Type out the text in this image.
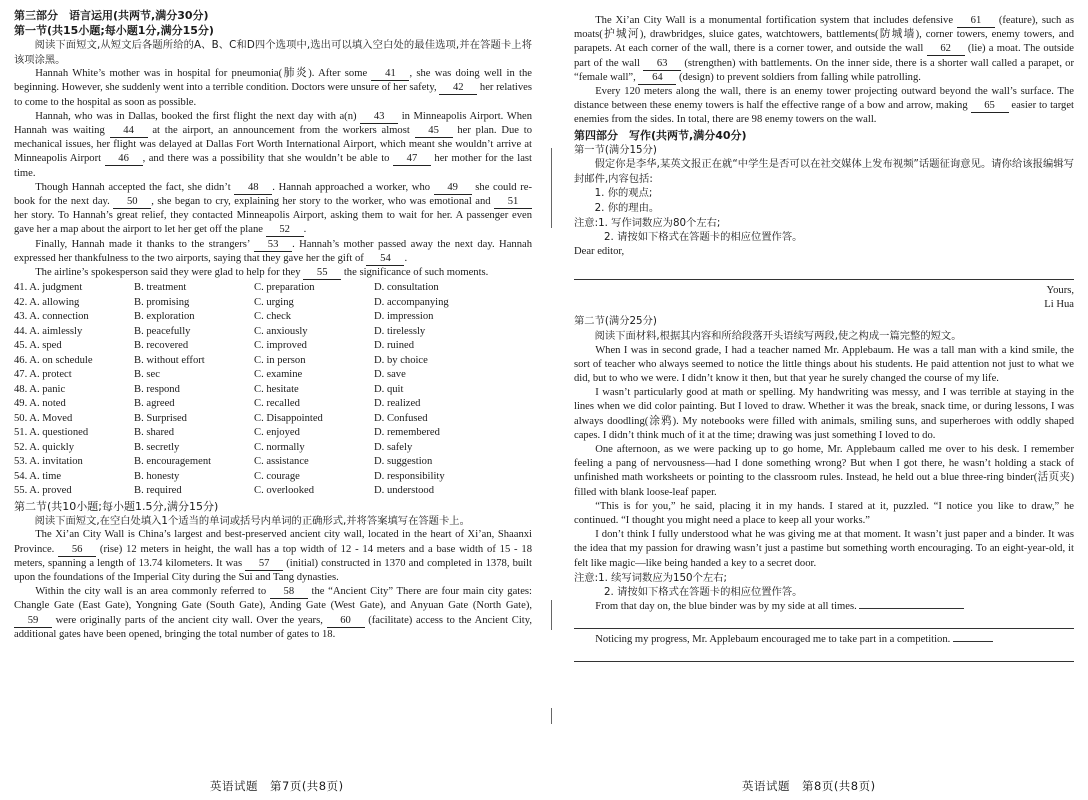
第三部分　语言运用(共两节,满分30分)
第一节(共15小题;每小题1分,满分15分)

阅读下面短文,从短文后各题所给的A、B、C和D四个选项中,选出可以填入空白处的最佳选项,并在答题卡上将该项涂黑。

Hannah White’s mother was in hospital for pneumonia(肺炎). After some 41 , she was doing well in the beginning. However, she suddenly went into a terrible condition. Doctors were unsure of her safety, 42 her relatives to come to the hospital as soon as possible.

Hannah, who was in Dallas, booked the first flight the next day with a(n) 43 in Minneapolis Airport. When Hannah was waiting 44 at the airport, an announcement from the workers almost 45 her plan. Due to mechanical issues, her flight was delayed at Dallas Fort Worth International Airport, which meant she wouldn’t arrive at Minneapolis Airport 46 , and there was a possibility that she wouldn’t be able to 47 her mother for the last time.

Though Hannah accepted the fact, she didn’t 48 . Hannah approached a worker, who 49 she could re-book for the next day. 50 , she began to cry, explaining her story to the worker, who was emotional and 51 her story. To Hannah’s great relief, they contacted Minneapolis Airport, asking them to wait for her. A passenger even gave her a map about the airport to let her get off the plane 52 .

Finally, Hannah made it thanks to the strangers’ 53 . Hannah’s mother passed away the next day. Hannah expressed her thankfulness to the two airports, saying that they gave her the gift of 54 .

The airline’s spokesperson said they were glad to help for they 55 the significance of such moments.

41. A. judgment	B. treatment	C. preparation	D. consultation
42. A. allowing	B. promising	C. urging	D. accompanying
43. A. connection	B. exploration	C. check	D. impression
44. A. aimlessly	B. peacefully	C. anxiously	D. tirelessly
45. A. sped	B. recovered	C. improved	D. ruined
46. A. on schedule	B. without effort	C. in person	D. by choice
47. A. protect	B. sec	C. examine	D. save
48. A. panic	B. respond	C. hesitate	D. quit
49. A. noted	B. agreed	C. recalled	D. realized
50. A. Moved	B. Surprised	C. Disappointed	D. Confused
51. A. questioned	B. shared	C. enjoyed	D. remembered
52. A. quickly	B. secretly	C. normally	D. safely
53. A. invitation	B. encouragement	C. assistance	D. suggestion
54. A. time	B. honesty	C. courage	D. responsibility
55. A. proved	B. required	C. overlooked	D. understood
第二节(共10小题;每小题1.5分,满分15分)

阅读下面短文,在空白处填入1个适当的单词或括号内单词的正确形式,并将答案填写在答题卡上。

The Xi’an City Wall is China’s largest and best-preserved ancient city wall, located in the heart of Xi’an, Shaanxi Province. 56 (rise) 12 meters in height, the wall has a top width of 12 - 14 meters and a base width of 15 - 18 meters, spanning a length of 13.74 kilometers. It was 57 (initial) constructed in 1370 and completed in 1378, built upon the foundations of the Imperial City during the Sui and Tang dynasties.

Within the city wall is an area commonly referred to 58 the “Ancient City” There are four main city gates: Changle Gate (East Gate), Yongning Gate (South Gate), Anding Gate (West Gate), and Anyuan Gate (North Gate), 59 were originally parts of the ancient city wall. Over the years, 60 (facilitate) access to the Ancient City, additional gates have been opened, bringing the total number of gates to 18.

英语试题　第7页(共8页)

The Xi’an City Wall is a monumental fortification system that includes defensive 61 (feature), such as moats(护城河), drawbridges, sluice gates, watchtowers, battlements(防城墙), corner towers, enemy towers, and parapets. At each corner of the wall, there is a corner tower, and outside the wall 62 (lie) a moat. The outside part of the wall 63 (strengthen) with battlements. On the inner side, there is a shorter wall called a parapet, or “female wall”, 64 (design) to prevent soldiers from falling while patrolling.

Every 120 meters along the wall, there is an enemy tower projecting outward beyond the wall’s surface. The distance between these enemy towers is half the effective range of a bow and arrow, making 65 easier to target enemies from the sides. In total, there are 98 enemy towers on the wall.

第四部分　写作(共两节,满分40分)
第一节(满分15分)

假定你是李华,某英文报正在就“中学生是否可以在社交媒体上发布视频”话题征询意见。请你给该报编辑写封邮件,内容包括:

1. 你的观点;

2. 你的理由。

注意:1. 写作词数应为80个左右;

2. 请按如下格式在答题卡的相应位置作答。

Dear editor,

Yours,

Li Hua

第二节(满分25分)

阅读下面材料,根据其内容和所给段落开头语续写两段,使之构成一篇完整的短文。

When I was in second grade, I had a teacher named Mr. Applebaum. He was a tall man with a kind smile, the sort of teacher who always seemed to notice the little things about his students. He paid attention not just to what we did, but to who we were. I didn’t know it then, but that year he surely changed the course of my life.

I wasn’t particularly good at math or spelling. My handwriting was messy, and I was terrible at staying in the lines when we did color painting. But I loved to draw. Whether it was the break, snack time, or during lessons, I was always doodling(涂鸦). My notebooks were filled with animals, smiling suns, and superheroes with oddly shaped capes. I didn’t think much of it at the time; drawing was just something I loved to do.

One afternoon, as we were packing up to go home, Mr. Applebaum called me over to his desk. I remember feeling a pang of nervousness—had I done something wrong? But when I got there, he wasn’t holding a stack of unfinished math worksheets or pointing to the classroom rules. Instead, he held out a blue three-ring binder(活页夹) filled with blank loose-leaf paper.

“This is for you,” he said, placing it in my hands. I stared at it, puzzled. “I notice you like to draw,” he continued. “I thought you might need a place to keep all your works.”

I don’t think I fully understood what he was giving me at that moment. It wasn’t just paper and a binder. It was the idea that my passion for drawing wasn’t just a pastime but something worth encouraging. To an eight-year-old, it felt like magic—like being handed a key to a secret door.

注意:1. 续写词数应为150个左右;

2. 请按如下格式在答题卡的相应位置作答。

From that day on, the blue binder was by my side at all times.

Noticing my progress, Mr. Applebaum encouraged me to take part in a competition.

英语试题　第8页(共8页)
